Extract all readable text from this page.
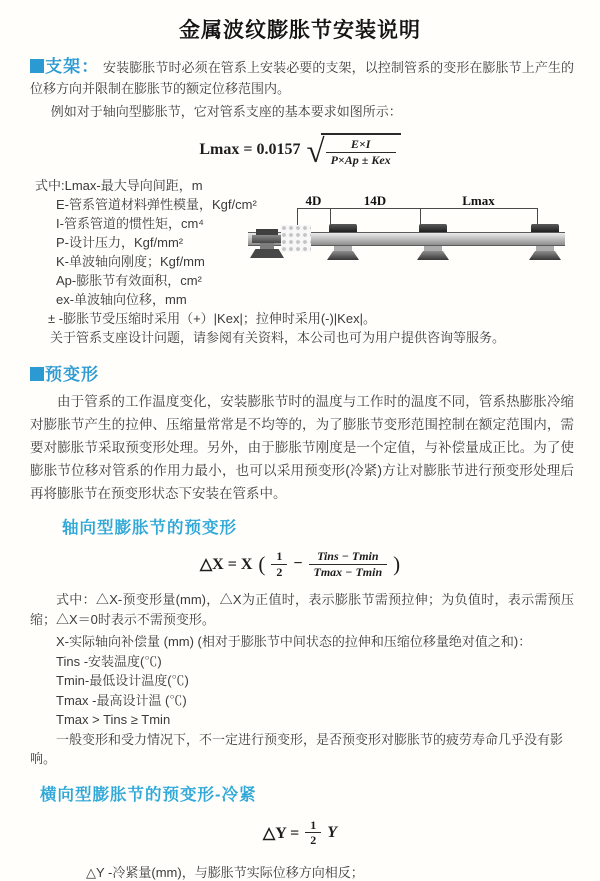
金属波纹膨胀节安装说明

支架： 安装膨胀节时必须在管系上安装必要的支架，以控制管系的变形在膨胀节上产生的位移方向并限制在膨胀节的额定位移范围内。

例如对于轴向型膨胀节，它对管系支座的基本要求如图所示：

Lmax = 0.0157 √ $\frac{E\times I}{\text{P×Ap ± Kex}}$
式中:Lmax-最大导向间距，m
E-管系管道材料弹性模量，Kgf/cm²
I-管系管道的惯性矩，cm⁴
P-设计压力，Kgf/mm²
K-单波轴向刚度；Kgf/mm
Ap-膨胀节有效面积，cm²
ex-单波轴向位移，mm
± -膨胀节受压缩时采用（+）|Kex|；拉伸时采用(-)|Kex|。
关于管系支座设计问题，请参阅有关资料，本公司也可为用户提供咨询等服务。
4D	14D	Lmax
预变形

由于管系的工作温度变化，安装膨胀节时的温度与工作时的温度不同，管系热膨胀冷缩对膨胀节产生的拉伸、压缩量常常是不均等的，为了膨胀节变形范围控制在额定范围内，需要对膨胀节采取预变形处理。另外，由于膨胀节刚度是一个定值，与补偿量成正比。为了使膨胀节位移对管系的作用力最小，也可以采用预变形(冷紧)方让对膨胀节进行预变形处理后再将膨胀节在预变形状态下安装在管系中。

轴向型膨胀节的预变形
△X = X ( $\frac{1}{2} - \frac{\text{Tins − Tmin}}{Tmax - Tmin}$ )

式中：△X-预变形量(mm)，△X为正值时，表示膨胀节需预拉伸；为负值时，表示需预压缩；△X＝0时表示不需预变形。

X-实际轴向补偿量 (mm) (相对于膨胀节中间状态的拉伸和压缩位移量绝对值之和)：
Tins -安装温度(℃)
Tmin-最低设计温度(℃)
Tmax -最高设计温 (℃)
Tmax > Tins ≥ Tmin
一般变形和受力情况下，不一定进行预变形，是否预变形对膨胀节的疲劳寿命几乎没有影响。
横向型膨胀节的预变形-冷紧
△Y = $\frac{1}{2}$ Y
△Y -冷紧量(mm)，与膨胀节实际位移方向相反；
